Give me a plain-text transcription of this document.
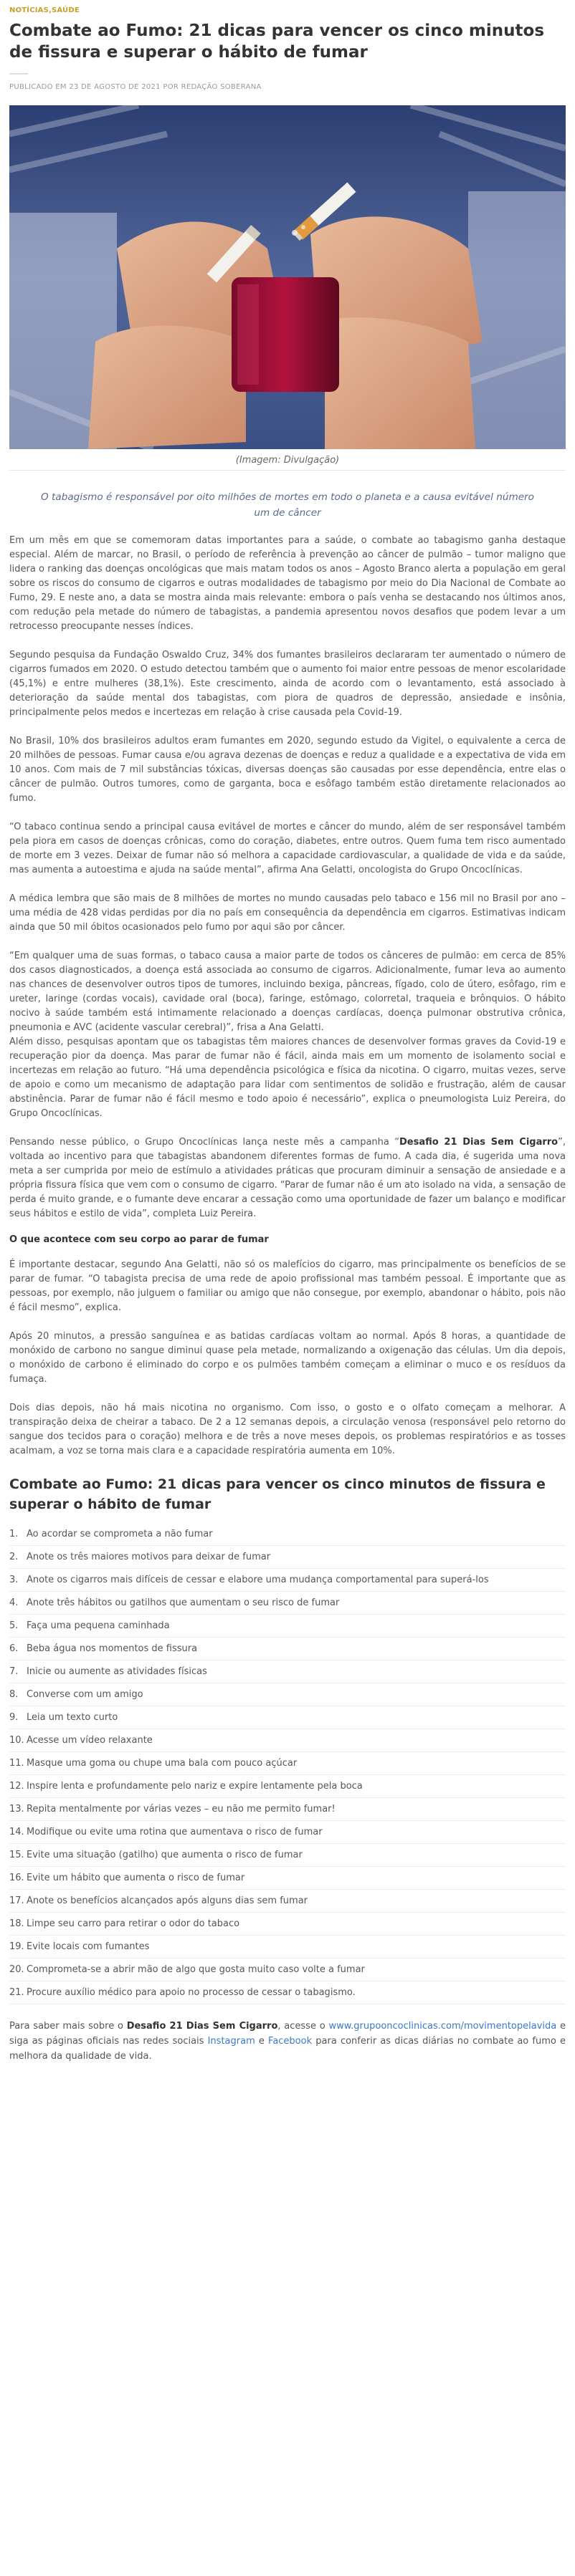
NOTÍCIAS,SAÚDE
Combate ao Fumo: 21 dicas para vencer os cinco minutos de fissura e superar o hábito de fumar
PUBLICADO EM 23 DE AGOSTO DE 2021 POR REDAÇÃO SOBERANA
(Imagem: Divulgação)

O tabagismo é responsável por oito milhões de mortes em todo o planeta e a causa evitável número um de câncer

Em um mês em que se comemoram datas importantes para a saúde, o combate ao tabagismo ganha destaque especial. Além de marcar, no Brasil, o período de referência à prevenção ao câncer de pulmão – tumor maligno que lidera o ranking das doenças oncológicas que mais matam todos os anos – Agosto Branco alerta a população em geral sobre os riscos do consumo de cigarros e outras modalidades de tabagismo por meio do Dia Nacional de Combate ao Fumo, 29. E neste ano, a data se mostra ainda mais relevante: embora o país venha se destacando nos últimos anos, com redução pela metade do número de tabagistas, a pandemia apresentou novos desafios que podem levar a um retrocesso preocupante nesses índices.

Segundo pesquisa da Fundação Oswaldo Cruz, 34% dos fumantes brasileiros declararam ter aumentado o número de cigarros fumados em 2020. O estudo detectou também que o aumento foi maior entre pessoas de menor escolaridade (45,1%) e entre mulheres (38,1%). Este crescimento, ainda de acordo com o levantamento, está associado à deterioração da saúde mental dos tabagistas, com piora de quadros de depressão, ansiedade e insônia, principalmente pelos medos e incertezas em relação à crise causada pela Covid-19.

No Brasil, 10% dos brasileiros adultos eram fumantes em 2020, segundo estudo da Vigitel, o equivalente a cerca de 20 milhões de pessoas. Fumar causa e/ou agrava dezenas de doenças e reduz a qualidade e a expectativa de vida em 10 anos. Com mais de 7 mil substâncias tóxicas, diversas doenças são causadas por esse dependência, entre elas o câncer de pulmão. Outros tumores, como de garganta, boca e esôfago também estão diretamente relacionados ao fumo.

“O tabaco continua sendo a principal causa evitável de mortes e câncer do mundo, além de ser responsável também pela piora em casos de doenças crônicas, como do coração, diabetes, entre outros. Quem fuma tem risco aumentado de morte em 3 vezes. Deixar de fumar não só melhora a capacidade cardiovascular, a qualidade de vida e da saúde, mas aumenta a autoestima e ajuda na saúde mental”, afirma Ana Gelatti, oncologista do Grupo Oncoclínicas.

A médica lembra que são mais de 8 milhões de mortes no mundo causadas pelo tabaco e 156 mil no Brasil por ano – uma média de 428 vidas perdidas por dia no país em consequência da dependência em cigarros. Estimativas indicam ainda que 50 mil óbitos ocasionados pelo fumo por aqui são por câncer.

“Em qualquer uma de suas formas, o tabaco causa a maior parte de todos os cânceres de pulmão: em cerca de 85% dos casos diagnosticados, a doença está associada ao consumo de cigarros. Adicionalmente, fumar leva ao aumento nas chances de desenvolver outros tipos de tumores, incluindo bexiga, pâncreas, fígado, colo de útero, esôfago, rim e ureter, laringe (cordas vocais), cavidade oral (boca), faringe, estômago, colorretal, traqueia e brônquios. O hábito nocivo à saúde também está intimamente relacionado a doenças cardíacas, doença pulmonar obstrutiva crônica, pneumonia e AVC (acidente vascular cerebral)”, frisa a Ana Gelatti.
Além disso, pesquisas apontam que os tabagistas têm maiores chances de desenvolver formas graves da Covid-19 e recuperação pior da doença. Mas parar de fumar não é fácil, ainda mais em um momento de isolamento social e incertezas em relação ao futuro. “Há uma dependência psicológica e física da nicotina. O cigarro, muitas vezes, serve de apoio e como um mecanismo de adaptação para lidar com sentimentos de solidão e frustração, além de causar abstinência. Parar de fumar não é fácil mesmo e todo apoio é necessário”, explica o pneumologista Luiz Pereira, do Grupo Oncoclínicas.

Pensando nesse público, o Grupo Oncoclínicas lança neste mês a campanha “Desafio 21 Dias Sem Cigarro”, voltada ao incentivo para que tabagistas abandonem diferentes formas de fumo. A cada dia, é sugerida uma nova meta a ser cumprida por meio de estímulo a atividades práticas que procuram diminuir a sensação de ansiedade e a própria fissura física que vem com o consumo de cigarro. “Parar de fumar não é um ato isolado na vida, a sensação de perda é muito grande, e o fumante deve encarar a cessação como uma oportunidade de fazer um balanço e modificar seus hábitos e estilo de vida”, completa Luiz Pereira.

O que acontece com seu corpo ao parar de fumar

É importante destacar, segundo Ana Gelatti, não só os malefícios do cigarro, mas principalmente os benefícios de se parar de fumar. “O tabagista precisa de uma rede de apoio profissional mas também pessoal. É importante que as pessoas, por exemplo, não julguem o familiar ou amigo que não consegue, por exemplo, abandonar o hábito, pois não é fácil mesmo”, explica.

Após 20 minutos, a pressão sanguínea e as batidas cardíacas voltam ao normal. Após 8 horas, a quantidade de monóxido de carbono no sangue diminui quase pela metade, normalizando a oxigenação das células. Um dia depois, o monóxido de carbono é eliminado do corpo e os pulmões também começam a eliminar o muco e os resíduos da fumaça.

Dois dias depois, não há mais nicotina no organismo. Com isso, o gosto e o olfato começam a melhorar. A transpiração deixa de cheirar a tabaco. De 2 a 12 semanas depois, a circulação venosa (responsável pelo retorno do sangue dos tecidos para o coração) melhora e de três a nove meses depois, os problemas respiratórios e as tosses acalmam, a voz se torna mais clara e a capacidade respiratória aumenta em 10%.

Combate ao Fumo: 21 dicas para vencer os cinco minutos de fissura e superar o hábito de fumar
1. Ao acordar se comprometa a não fumar
2. Anote os três maiores motivos para deixar de fumar
3. Anote os cigarros mais difíceis de cessar e elabore uma mudança comportamental para superá-los
4. Anote três hábitos ou gatilhos que aumentam o seu risco de fumar
5. Faça uma pequena caminhada
6. Beba água nos momentos de fissura
7. Inicie ou aumente as atividades físicas
8. Converse com um amigo
9. Leia um texto curto
10. Acesse um vídeo relaxante
11. Masque uma goma ou chupe uma bala com pouco açúcar
12. Inspire lenta e profundamente pelo nariz e expire lentamente pela boca
13. Repita mentalmente por várias vezes – eu não me permito fumar!
14. Modifique ou evite uma rotina que aumentava o risco de fumar
15. Evite uma situação (gatilho) que aumenta o risco de fumar
16. Evite um hábito que aumenta o risco de fumar
17. Anote os benefícios alcançados após alguns dias sem fumar
18. Limpe seu carro para retirar o odor do tabaco
19. Evite locais com fumantes
20. Comprometa-se a abrir mão de algo que gosta muito caso volte a fumar
21. Procure auxílio médico para apoio no processo de cessar o tabagismo.

Para saber mais sobre o Desafio 21 Dias Sem Cigarro, acesse o www.grupooncoclinicas.com/movimentopelavida e siga as páginas oficiais nas redes sociais Instagram e Facebook para conferir as dicas diárias no combate ao fumo e melhora da qualidade de vida.
